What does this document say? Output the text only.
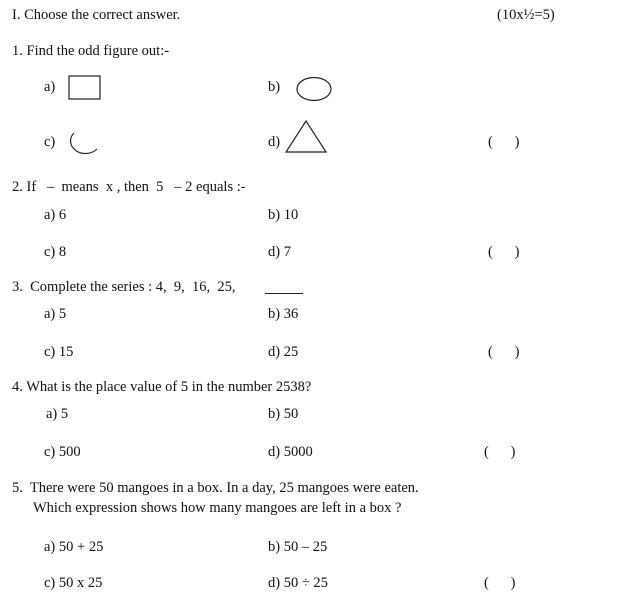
I. Choose the correct answer.	(10x½=5)
1. Find the odd figure out:-
a)	b)
c)	d)	(      )
2. If   –  means  x , then  5   – 2 equals :-
a) 6	b) 10
c) 8	d) 7	(      )
3.  Complete the series : 4,  9,  16,  25,
a) 5	b) 36
c) 15	d) 25	(      )
4. What is the place value of 5 in the number 2538?
a) 5	b) 50
c) 500	d) 5000	(      )
5.  There were 50 mangoes in a box. In a day, 25 mangoes were eaten.
Which expression shows how many mangoes are left in a box ?
a) 50 + 25	b) 50 – 25
c) 50 x 25	d) 50 ÷ 25	(      )
